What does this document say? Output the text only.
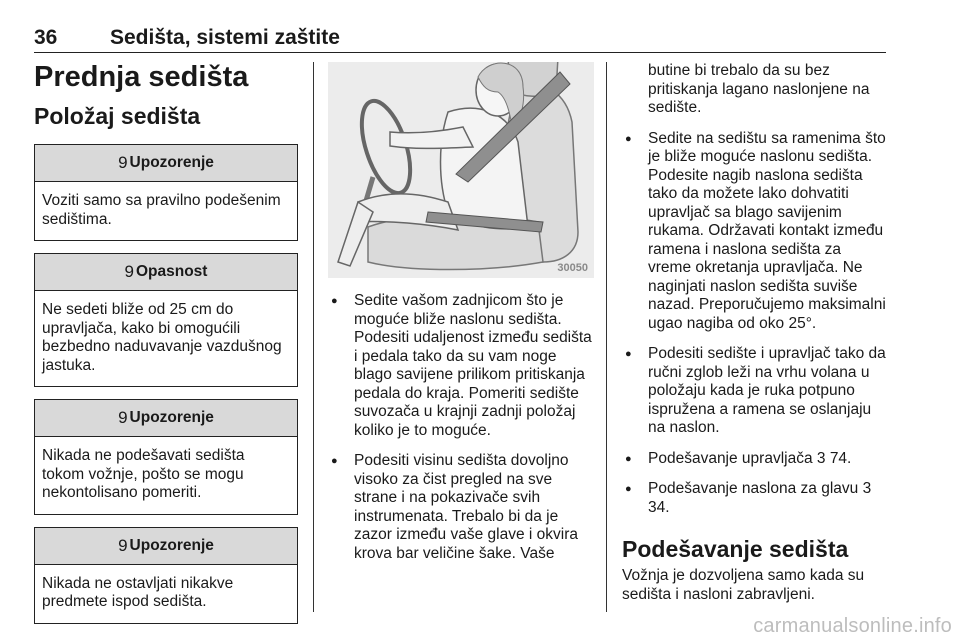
36	Sedišta, sistemi zaštite
Prednja sedišta
Položaj sedišta
9 Upozorenje
Voziti samo sa pravilno podešenim sedištima.
9 Opasnost
Ne sedeti bliže od 25 cm do upravljača, kako bi omogućili bezbedno naduvavanje vazdušnog jastuka.
9 Upozorenje
Nikada ne podešavati sedišta tokom vožnje, pošto se mogu nekontolisano pomeriti.
9 Upozorenje
Nikada ne ostavljati nikakve predmete ispod sedišta.
30050
● Sedite vašom zadnjicom što je moguće bliže naslonu sedišta. Podesiti udaljenost između sedišta i pedala tako da su vam noge blago savijene prilikom pritiskanja pedala do kraja. Pomeriti sedište suvozača u krajnji zadnji položaj koliko je to moguće.
● Podesiti visinu sedišta dovoljno visoko za čist pregled na sve strane i na pokazivače svih instrumenata. Trebalo bi da je zazor između vaše glave i okvira krova bar veličine šake. Vaše
butine bi trebalo da su bez pritiskanja lagano naslonjene na sedište.
● Sedite na sedištu sa ramenima što je bliže moguće naslonu sedišta. Podesite nagib naslona sedišta tako da možete lako dohvatiti upravljač sa blago savijenim rukama. Održavati kontakt između ramena i naslona sedišta za vreme okretanja upravljača. Ne naginjati naslon sedišta suviše nazad. Preporučujemo maksimalni ugao nagiba od oko 25°.
● Podesiti sedište i upravljač tako da ručni zglob leži na vrhu volana u položaju kada je ruka potpuno ispružena a ramena se oslanjaju na naslon.
● Podešavanje upravljača 3 74.
● Podešavanje naslona za glavu 3 34.
Podešavanje sedišta
Vožnja je dozvoljena samo kada su sedišta i nasloni zabravljeni.
carmanualsonline.info
